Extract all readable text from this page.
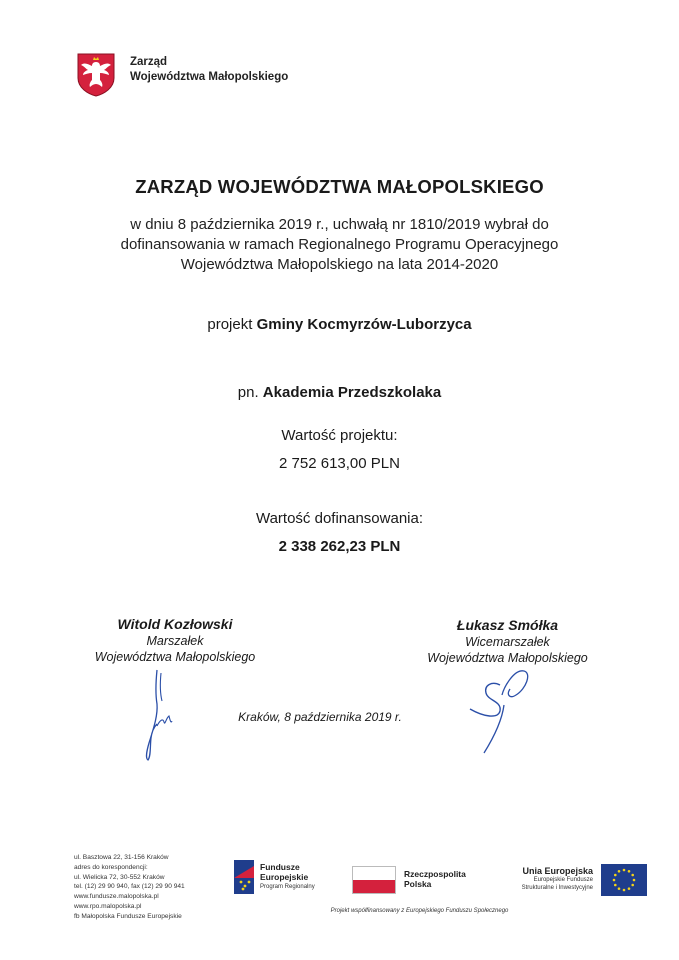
Zarząd
Województwa Małopolskiego
ZARZĄD WOJEWÓDZTWA MAŁOPOLSKIEGO
w dniu 8 października 2019 r., uchwałą nr 1810/2019 wybrał do
dofinansowania w ramach Regionalnego Programu Operacyjnego
Województwa Małopolskiego na lata 2014-2020
projekt Gminy Kocmyrzów-Luborzyca
pn. Akademia Przedszkolaka
Wartość projektu:
2 752 613,00 PLN
Wartość dofinansowania:
2 338 262,23 PLN
Witold Kozłowski
Marszałek
Województwa Małopolskiego
Łukasz Smółka
Wicemarszałek
Województwa Małopolskiego
Kraków, 8 października 2019 r.
ul. Basztowa 22, 31-156 Kraków
adres do korespondencji:
ul. Wielicka 72, 30-552 Kraków
tel. (12) 29 90 940, fax (12) 29 90 941
www.fundusze.malopolska.pl
www.rpo.malopolska.pl
fb Małopolska Fundusze Europejskie
Fundusze
Europejskie
Program Regionalny
Rzeczpospolita
Polska
Unia Europejska
Europejskie Fundusze
Strukturalne i Inwestycyjne
Projekt współfinansowany z Europejskiego Funduszu Społecznego
